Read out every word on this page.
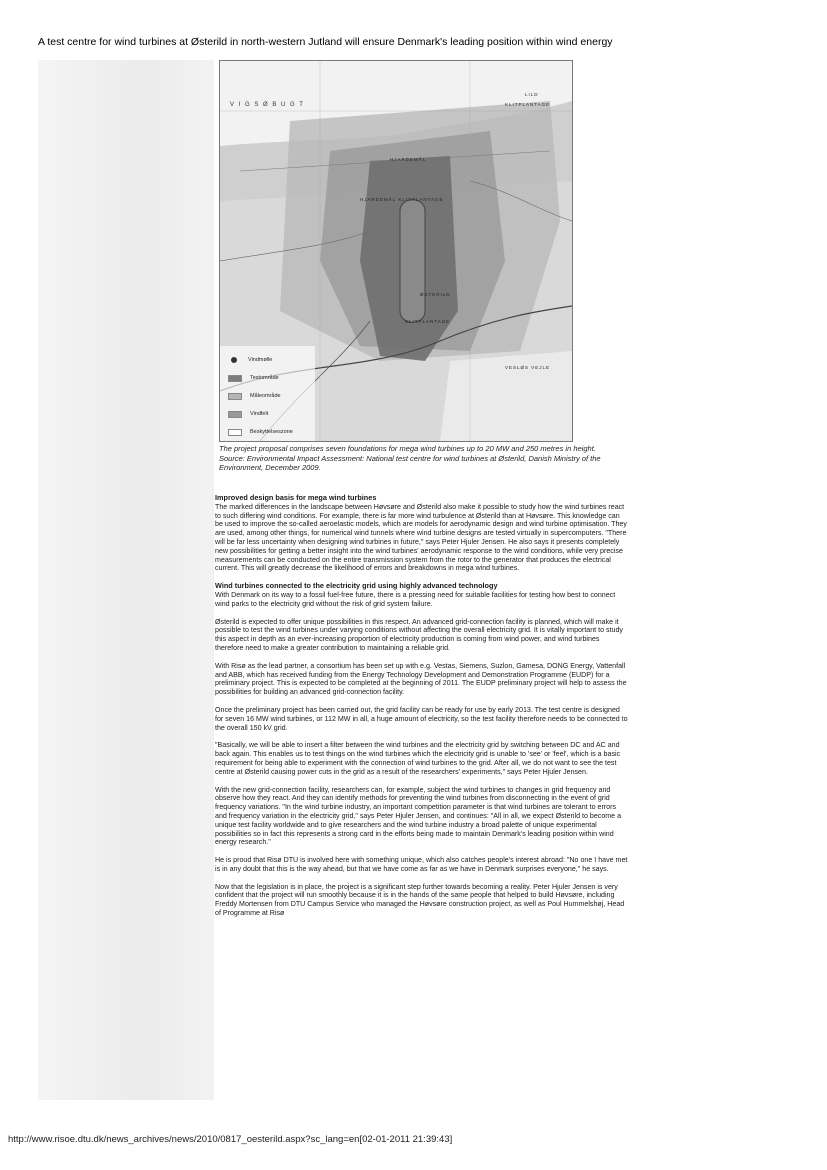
A test centre for wind turbines at Østerild in north-western Jutland will ensure Denmark's leading position within wind energy
V I G S Ø B U G T	KLITPLANTAGE
LILD
HJARDEMÅL
HJARDEMÅL KLITPLANTAGE
ØSTERILD
KLITPLANTAGE
VESLØS VEJLE
Vindmølle
Testområde
Måleområde
Vindfelt
Beskyttelseszone
The project proposal comprises seven foundations for mega wind turbines up to 20 MW and 250 metres in height.
Source: Environmental Impact Assessment: National test centre for wind turbines at Østerild, Danish Ministry of the Environment, December 2009.
Improved design basis for mega wind turbines

The marked differences in the landscape between Høvsøre and Østerild also make it possible to study how the wind turbines react to such differing wind conditions. For example, there is far more wind turbulence at Østerild than at Høvsøre. This knowledge can be used to improve the so-called aeroelastic models, which are models for aerodynamic design and wind turbine optimisation. They are used, among other things, for numerical wind tunnels where wind turbine designs are tested virtually in supercomputers. "There will be far less uncertainty when designing wind turbines in future," says Peter Hjuler Jensen. He also says it presents completely new possibilities for getting a better insight into the wind turbines' aerodynamic response to the wind conditions, while very precise measurements can be conducted on the entire transmission system from the rotor to the generator that produces the electrical current. This will greatly decrease the likelihood of errors and breakdowns in mega wind turbines.

Wind turbines connected to the electricity grid using highly advanced technology

With Denmark on its way to a fossil fuel-free future, there is a pressing need for suitable facilities for testing how best to connect wind parks to the electricity grid without the risk of grid system failure.

Østerild is expected to offer unique possibilities in this respect. An advanced grid-connection facility is planned, which will make it possible to test the wind turbines under varying conditions without affecting the overall electricity grid. It is vitally important to study this aspect in depth as an ever-increasing proportion of electricity production is coming from wind power, and wind turbines therefore need to make a greater contribution to maintaining a reliable grid.

With Risø as the lead partner, a consortium has been set up with e.g. Vestas, Siemens, Suzlon, Gamesa, DONG Energy, Vattenfall and ABB, which has received funding from the Energy Technology Development and Demonstration Programme (EUDP) for a preliminary project. This is expected to be completed at the beginning of 2011. The EUDP preliminary project will help to assess the possibilities for building an advanced grid-connection facility.

Once the preliminary project has been carried out, the grid facility can be ready for use by early 2013. The test centre is designed for seven 16 MW wind turbines, or 112 MW in all, a huge amount of electricity, so the test facility therefore needs to be connected to the overall 150 kV grid.

"Basically, we will be able to insert a filter between the wind turbines and the electricity grid by switching between DC and AC and back again. This enables us to test things on the wind turbines which the electricity grid is unable to 'see' or 'feel', which is a basic requirement for being able to experiment with the connection of wind turbines to the grid. After all, we do not want to see the test centre at Østerild causing power cuts in the grid as a result of the researchers' experiments," says Peter Hjuler Jensen.

With the new grid-connection facility, researchers can, for example, subject the wind turbines to changes in grid frequency and observe how they react. And they can identify methods for preventing the wind turbines from disconnecting in the event of grid frequency variations. "In the wind turbine industry, an important competition parameter is that wind turbines are tolerant to errors and frequency variation in the electricity grid," says Peter Hjuler Jensen, and continues: "All in all, we expect Østerild to become a unique test facility worldwide and to give researchers and the wind turbine industry a broad palette of unique experimental possibilities so in fact this represents a strong card in the efforts being made to maintain Denmark's leading position within wind energy research."

He is proud that Risø DTU is involved here with something unique, which also catches people's interest abroad: "No one I have met is in any doubt that this is the way ahead, but that we have come as far as we have in Denmark surprises everyone," he says.

Now that the legislation is in place, the project is a significant step further towards becoming a reality. Peter Hjuler Jensen is very confident that the project will run smoothly because it is in the hands of the same people that helped to build Høvsøre, including Freddy Mortensen from DTU Campus Service who managed the Høvsøre construction project, as well as Poul Hummelshøj, Head of Programme at Risø

http://www.risoe.dtu.dk/news_archives/news/2010/0817_oesterild.aspx?sc_lang=en[02-01-2011 21:39:43]
